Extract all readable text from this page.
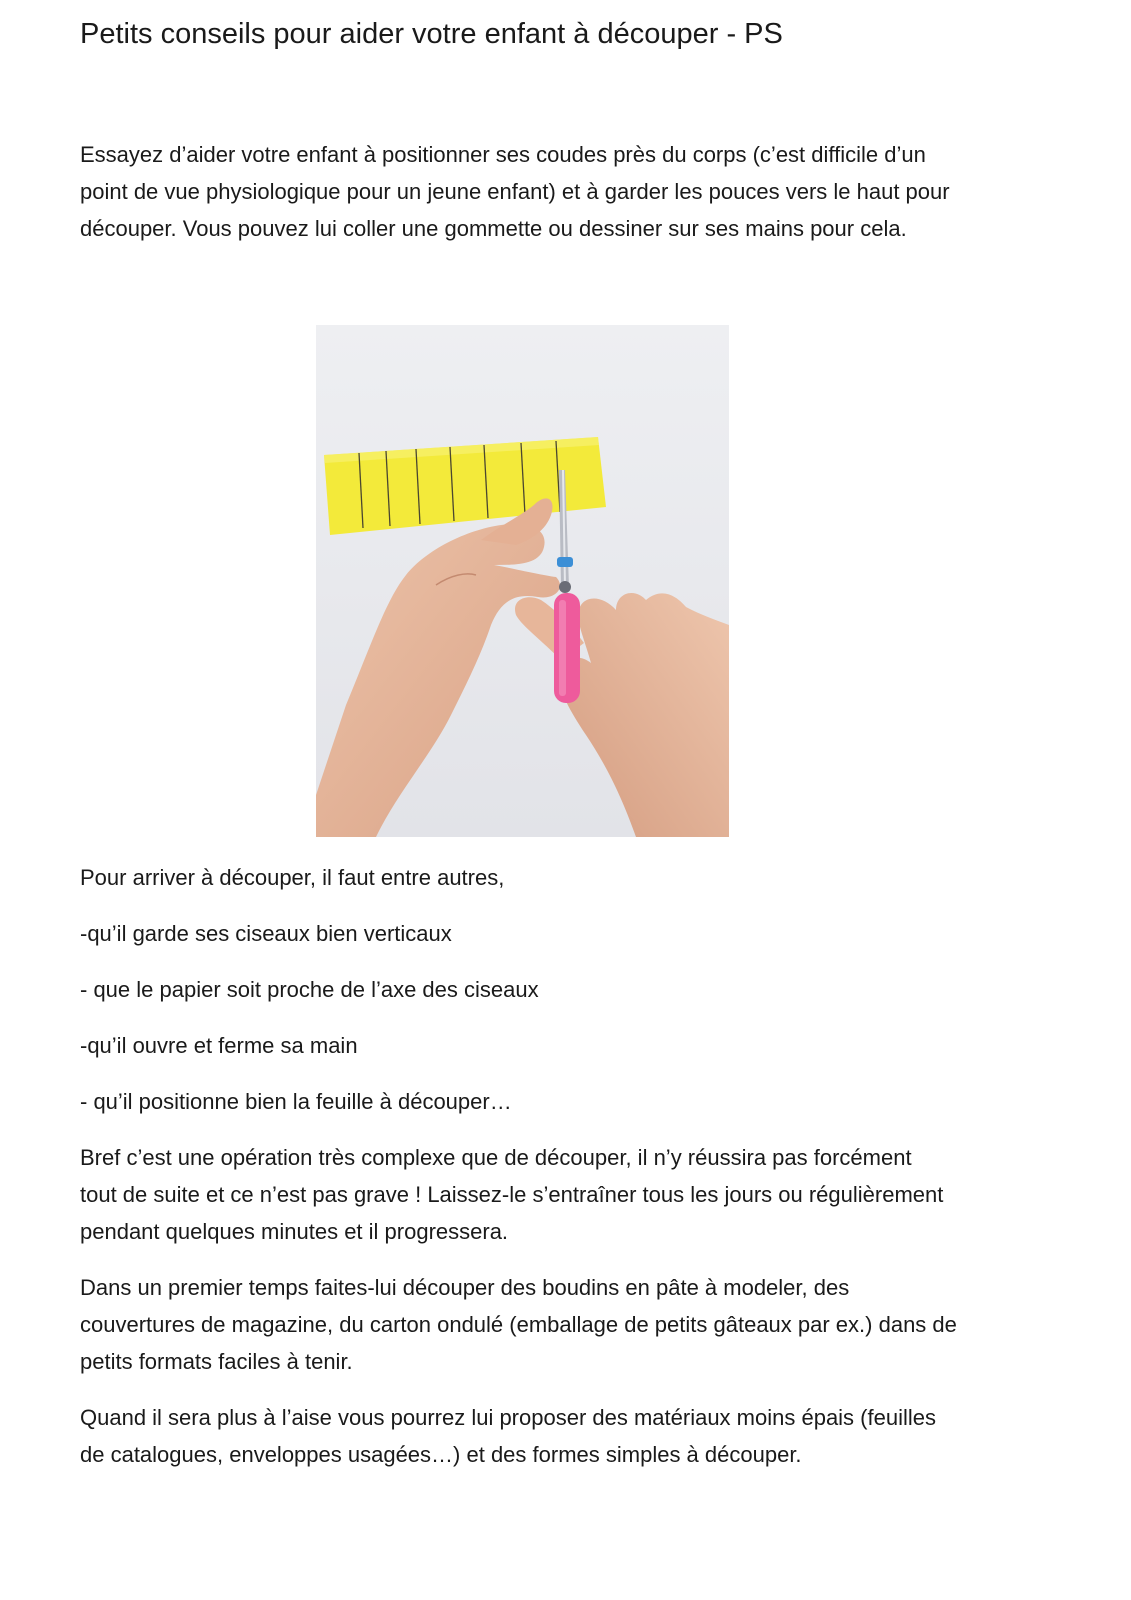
Petits conseils pour aider votre enfant à découper - PS

Essayez d’aider votre enfant à positionner ses coudes près du corps (c’est difficile d’un
point de vue physiologique pour un jeune enfant) et à garder les pouces vers le haut pour
découper. Vous pouvez lui coller une gommette ou dessiner sur ses mains pour cela.

Pour arriver à découper, il faut entre autres,

-qu’il garde ses ciseaux bien verticaux

- que le papier soit proche de l’axe des ciseaux

-qu’il ouvre et ferme sa main

- qu’il positionne bien la feuille à découper…

Bref c’est une opération très complexe que de découper, il n’y réussira pas forcément
tout de suite et ce n’est pas grave ! Laissez-le s’entraîner tous les jours ou régulièrement
pendant quelques minutes et il progressera.

Dans un premier temps faites-lui découper des boudins en pâte à modeler, des
couvertures de magazine, du carton ondulé (emballage de petits gâteaux par ex.) dans de
petits formats faciles à tenir.

Quand il sera plus à l’aise vous pourrez lui proposer des matériaux moins épais (feuilles
de catalogues, enveloppes usagées…) et des formes simples à découper.
